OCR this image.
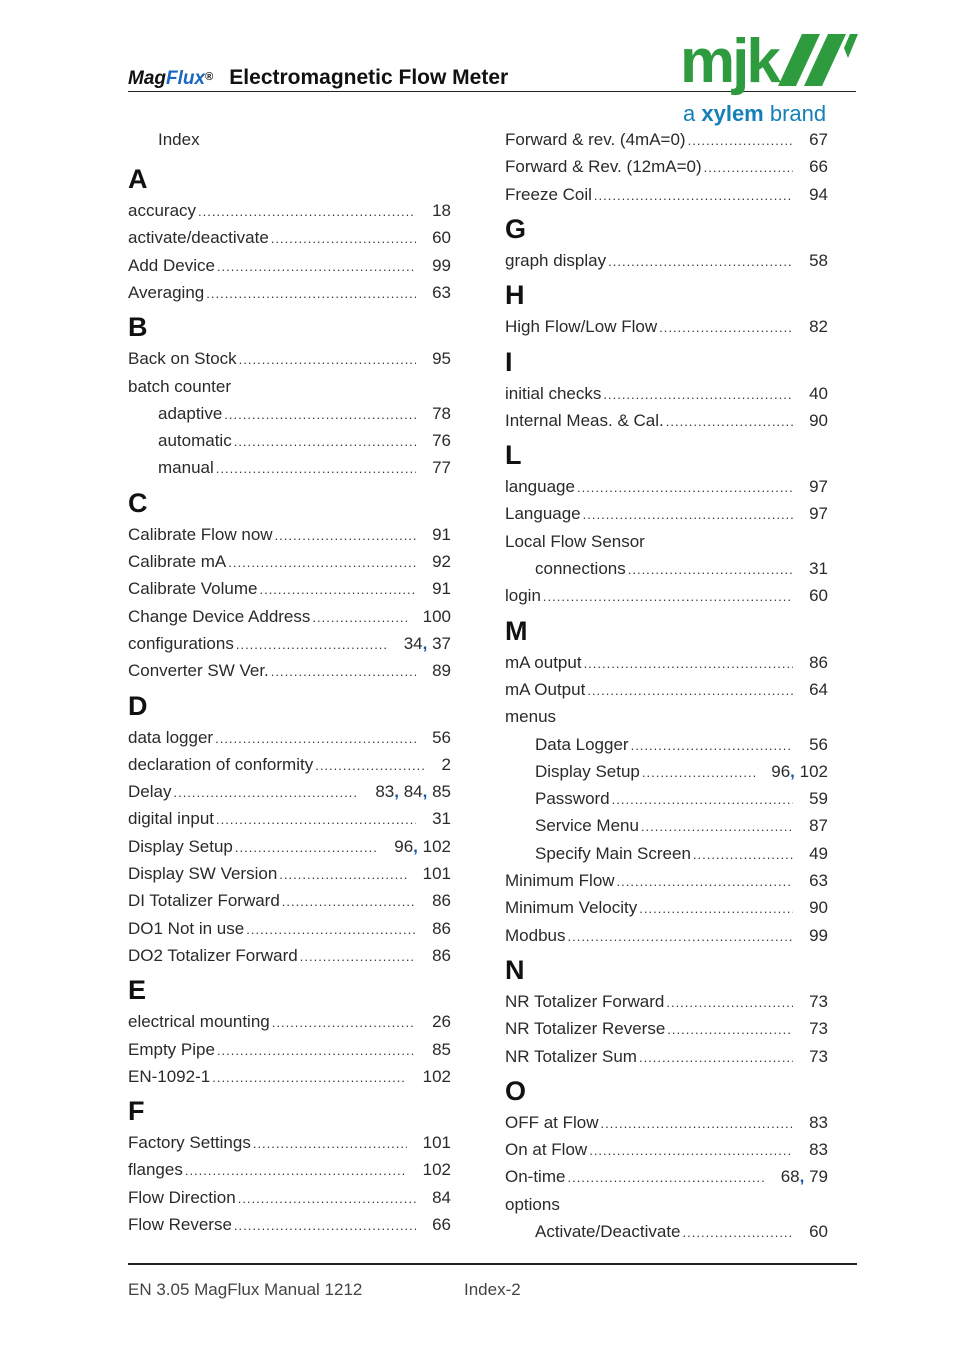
MagFlux® Electromagnetic Flow Meter	mjk
a xylem brand
Index
A
accuracy .....	18
activate/deactivate .....	60
Add Device .....	99
Averaging .....	63
B
Back on Stock .....	95
batch counter
adaptive .....	78
automatic .....	76
manual .....	77
C
Calibrate Flow now .....	91
Calibrate mA .....	92
Calibrate Volume .....	91
Change Device Address .....	100
configurations .....	34, 37
Converter SW Ver. .....	89
D
data logger .....	56
declaration of conformity .....	2
Delay .....	83, 84, 85
digital input .....	31
Display Setup .....	96, 102
Display SW Version .....	101
DI Totalizer Forward .....	86
DO1 Not in use .....	86
DO2 Totalizer Forward .....	86
E
electrical mounting .....	26
Empty Pipe .....	85
EN-1092-1 .....	102
F
Factory Settings .....	101
flanges .....	102
Flow Direction .....	84
Flow Reverse .....	66
Forward & rev. (4mA=0) .....	67
Forward & Rev. (12mA=0) .....	66
Freeze Coil .....	94
G
graph display .....	58
H
High Flow/Low Flow .....	82
I
initial checks .....	40
Internal Meas. & Cal. .....	90
L
language .....	97
Language .....	97
Local Flow Sensor
connections .....	31
login .....	60
M
mA output .....	86
mA Output .....	64
menus
Data Logger .....	56
Display Setup .....	96, 102
Password .....	59
Service Menu .....	87
Specify Main Screen .....	49
Minimum Flow .....	63
Minimum Velocity .....	90
Modbus .....	99
N
NR Totalizer Forward .....	73
NR Totalizer Reverse .....	73
NR Totalizer Sum .....	73
O
OFF at Flow .....	83
On at Flow .....	83
On-time .....	68, 79
options
Activate/Deactivate .....	60
EN 3.05 MagFlux Manual 1212	Index-2
